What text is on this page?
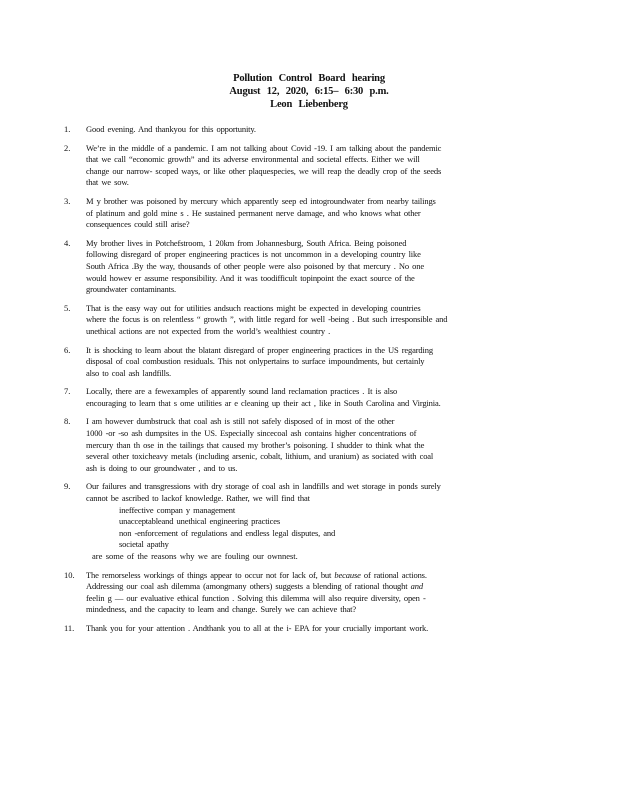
Pollution Control Board hearing
August 12, 2020, 6:15– 6:30 p.m.
Leon Liebenberg
1. Good evening. And thankyou for this opportunity.
2. We’re in the middle of a pandemic. I am not talking about Covid -19. I am talking about the pandemic
that we call “economic growth” and its adverse environmental and societal effects. Either we will
change our narrow- scoped ways, or like other plaquespecies, we will reap the deadly crop of the seeds
that we sow.
3. M y brother was poisoned by mercury which apparently seep ed intogroundwater from nearby tailings
of platinum and gold mine s . He sustained permanent nerve damage, and who knows what other
consequences could still arise?
4. My brother lives in Potchefstroom, 1 20km from Johannesburg, South Africa. Being poisoned
following disregard of proper engineering practices is not uncommon in a developing country like
South Africa .By the way, thousands of other people were also poisoned by that mercury . No one
would howev er assume responsibility. And it was toodifficult topinpoint the exact source of the
groundwater contaminants.
5. That is the easy way out for utilities andsuch reactions might be expected in developing countries
where the focus is on relentless “ growth ”, with little regard for well -being . But such irresponsible and
unethical actions are not expected from the world’s wealthiest country .
6. It is shocking to learn about the blatant disregard of proper engineering practices in the US regarding
disposal of coal combustion residuals. This not onlypertains to surface impoundments, but certainly
also to coal ash landfills.
7. Locally, there are a fewexamples of apparently sound land reclamation practices . It is also
encouraging to learn that s ome utilities ar e cleaning up their act , like in South Carolina and Virginia.
8. I am however dumbstruck that coal ash is still not safely disposed of in most of the other
1000 -or -so ash dumpsites in the US. Especially sincecoal ash contains higher concentrations of
mercury than th ose in the tailings that caused my brother’s poisoning. I shudder to think what the
several other toxicheavy metals (including arsenic, cobalt, lithium, and uranium) as sociated with coal
ash is doing to our groundwater , and to us.
9. Our failures and transgressions with dry storage of coal ash in landfills and wet storage in ponds surely
cannot be ascribed to lackof knowledge. Rather, we will find that
ineffective compan y management
unacceptableand unethical engineering practices
non -enforcement of regulations and endless legal disputes, and
societal apathy
are some of the reasons why we are fouling our ownnest.
10. The remorseless workings of things appear to occur not for lack of, but because of rational actions.
Addressing our coal ash dilemma (amongmany others) suggests a blending of rational thought and
feelin g — our evaluative ethical function . Solving this dilemma will also require diversity, open -
mindedness, and the capacity to learn and change. Surely we can achieve that?
11. Thank you for your attention . Andthank you to all at the i- EPA for your crucially important work.
